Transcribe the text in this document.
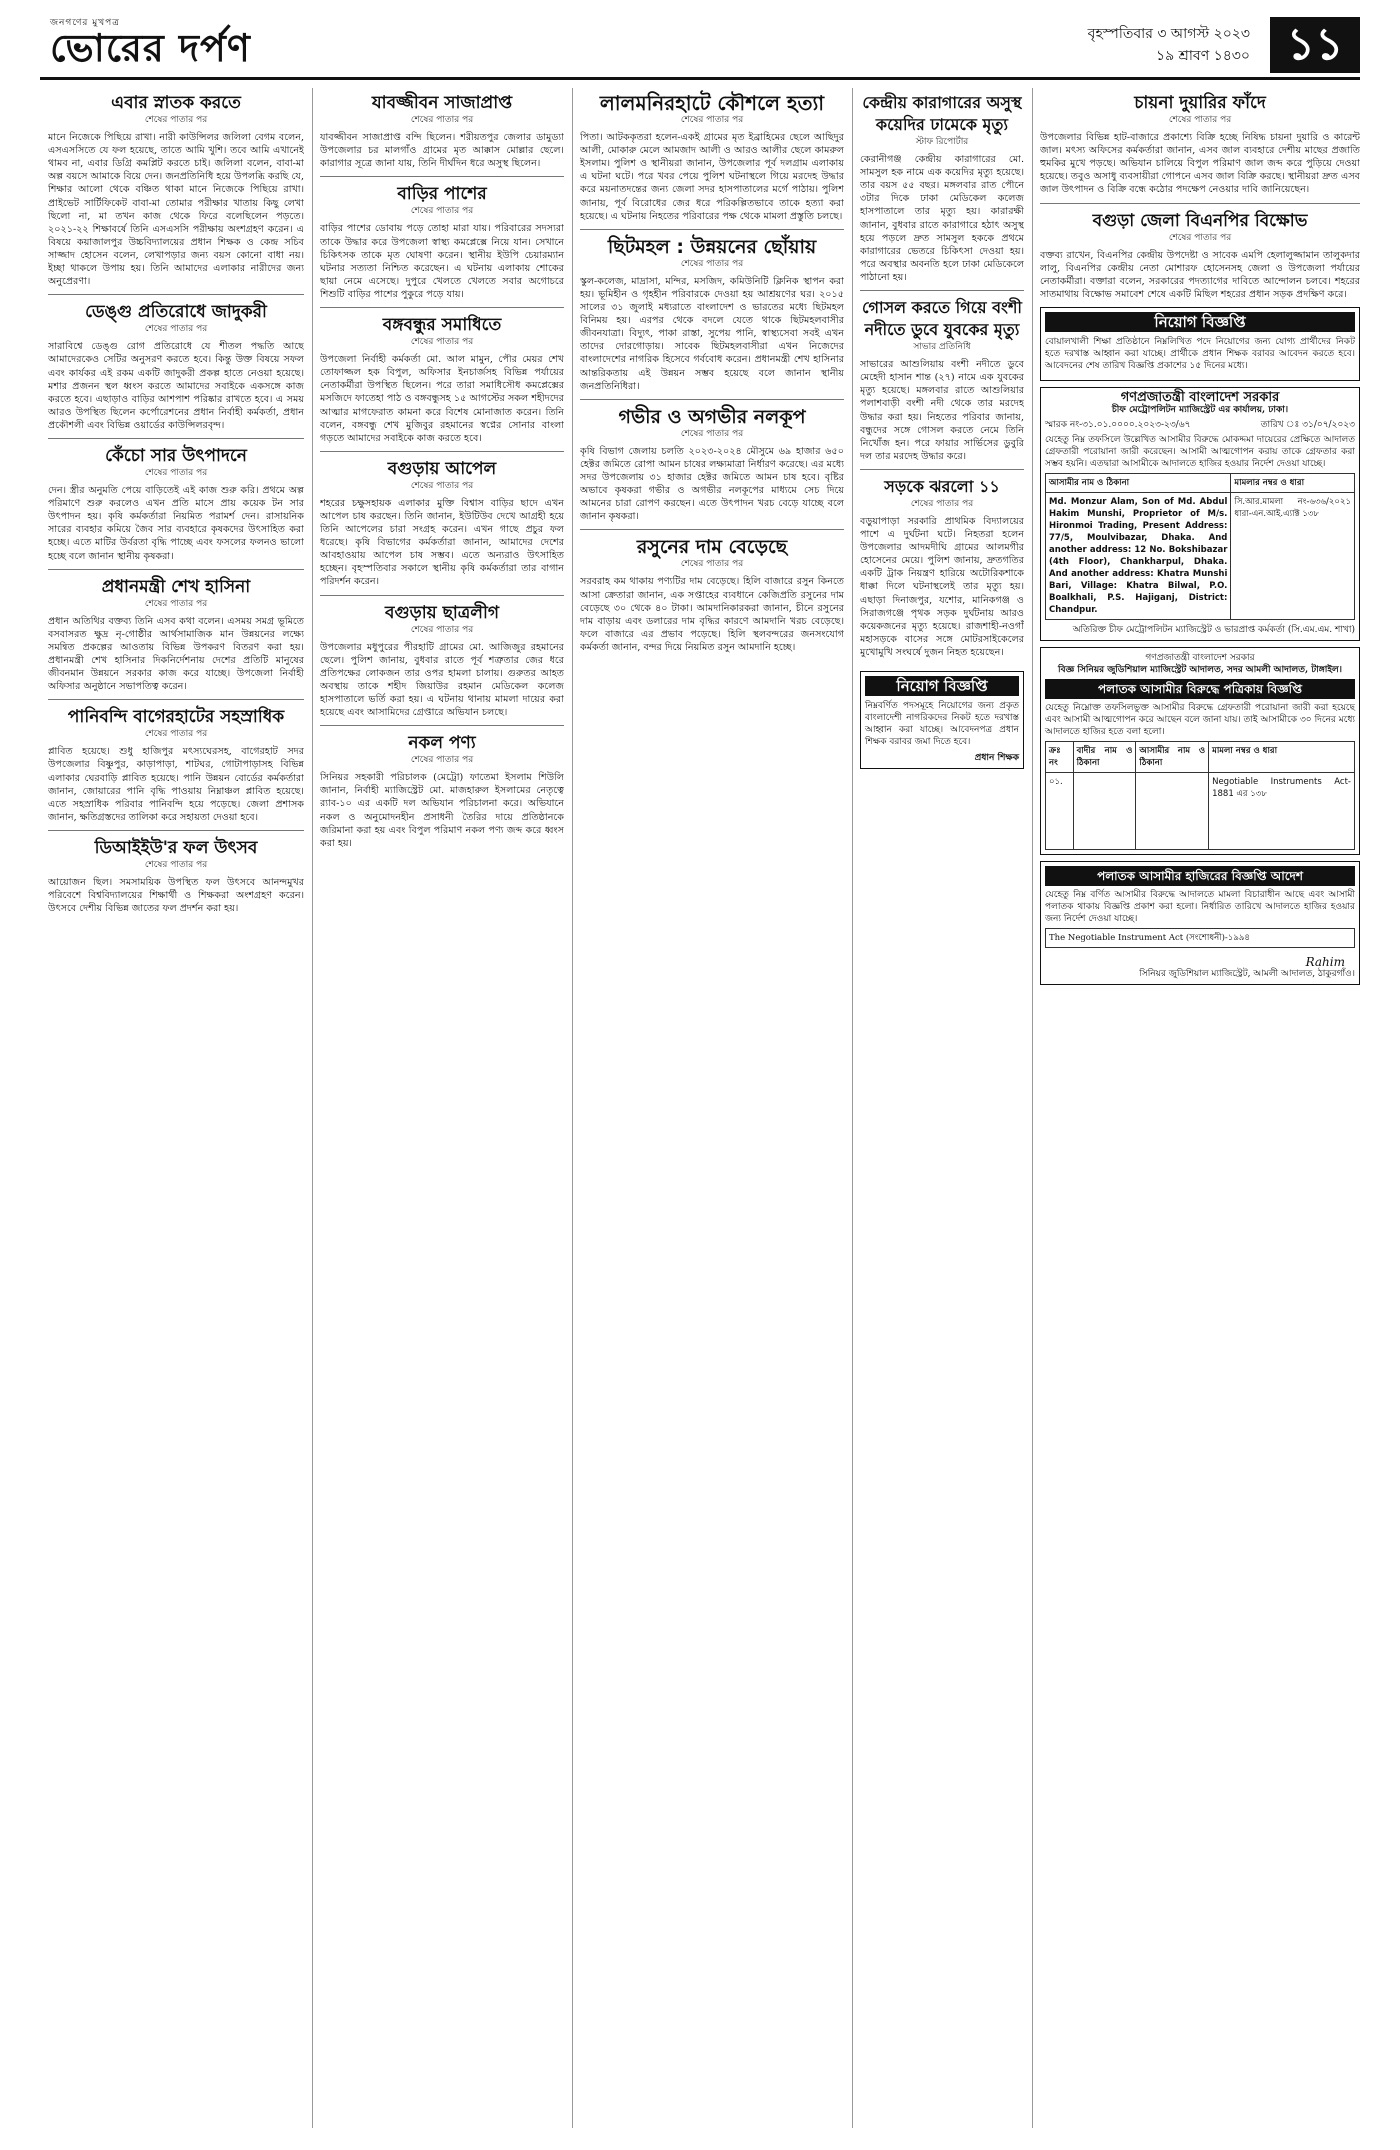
জনগণের মুখপত্র
ভোরের দর্পণ	বৃহস্পতিবার ৩ আগস্ট ২০২৩
১৯ শ্রাবণ ১৪৩০ ১১
এবার স্নাতক করতে
শেষের পাতার পর

মানে নিজেকে পিছিয়ে রাখা। নারী কাউন্সিলর জলিলা বেগম বলেন, এসএসসিতে যে ফল হয়েছে, তাতে আমি খুশি। তবে আমি এখানেই থামব না, এবার ডিগ্রি কমপ্লিট করতে চাই। জলিলা বলেন, বাবা-মা অল্প বয়সে আমাকে বিয়ে দেন। জনপ্রতিনিধি হয়ে উপলব্ধি করছি যে, শিক্ষার আলো থেকে বঞ্চিত থাকা মানে নিজেকে পিছিয়ে রাখা। প্রাইভেট সার্টিফিকেট বাবা-মা তোমার পরীক্ষার খাতায় কিছু লেখা ছিলো না, মা তখন কাজ থেকে ফিরে বলেছিলেন পড়তে। ২০২১-২২ শিক্ষাবর্ষে তিনি এসএসসি পরীক্ষায় অংশগ্রহণ করেন। এ বিষয়ে কয়াজালপুর উচ্চবিদ্যালয়ের প্রধান শিক্ষক ও কেন্দ্র সচিব সাজ্জাদ হোসেন বলেন, লেখাপড়ার জন্য বয়স কোনো বাধা নয়। ইচ্ছা থাকলে উপায় হয়। তিনি আমাদের এলাকার নারীদের জন্য অনুপ্রেরণা।

ডেঙ্গু প্রতিরোধে জাদুকরী
শেষের পাতার পর

সারাবিশ্বে ডেঙ্গু রোগ প্রতিরোধে যে শীতল পদ্ধতি আছে আমাদেরকেও সেটির অনুসরণ করতে হবে। কিন্তু উক্ত বিষয়ে সফল এবং কার্যকর এই রকম একটি জাদুকরী প্রকল্প হাতে নেওয়া হয়েছে। মশার প্রজনন স্থল ধ্বংস করতে আমাদের সবাইকে একসঙ্গে কাজ করতে হবে। এছাড়াও বাড়ির আশপাশ পরিষ্কার রাখতে হবে। এ সময় আরও উপস্থিত ছিলেন কর্পোরেশনের প্রধান নির্বাহী কর্মকর্তা, প্রধান প্রকৌশলী এবং বিভিন্ন ওয়ার্ডের কাউন্সিলরবৃন্দ।

কেঁচো সার উৎপাদনে
শেষের পাতার পর

দেন। স্ত্রীর অনুমতি পেয়ে বাড়িতেই এই কাজ শুরু করি। প্রথমে অল্প পরিমাণে শুরু করলেও এখন প্রতি মাসে প্রায় কয়েক টন সার উৎপাদন হয়। কৃষি কর্মকর্তারা নিয়মিত পরামর্শ দেন। রাসায়নিক সারের ব্যবহার কমিয়ে জৈব সার ব্যবহারে কৃষকদের উৎসাহিত করা হচ্ছে। এতে মাটির উর্বরতা বৃদ্ধি পাচ্ছে এবং ফসলের ফলনও ভালো হচ্ছে বলে জানান স্থানীয় কৃষকরা।

প্রধানমন্ত্রী শেখ হাসিনা
শেষের পাতার পর

প্রধান অতিথির বক্তব্য তিনি এসব কথা বলেন। এসময় সমগ্র ভূমিতে বসবাসরত ক্ষুদ্র নৃ-গোষ্ঠীর আর্থসামাজিক মান উন্নয়নের লক্ষ্যে সমন্বিত প্রকল্পের আওতায় বিভিন্ন উপকরণ বিতরণ করা হয়। প্রধানমন্ত্রী শেখ হাসিনার দিকনির্দেশনায় দেশের প্রতিটি মানুষের জীবনমান উন্নয়নে সরকার কাজ করে যাচ্ছে। উপজেলা নির্বাহী অফিসার অনুষ্ঠানে সভাপতিত্ব করেন।

পানিবন্দি বাগেরহাটের সহস্রাধিক
শেষের পাতার পর

প্লাবিত হয়েছে। শুধু হাজিপুর মৎস্যঘেরসহ, বাগেরহাট সদর উপজেলার বিষ্ণুপুর, কাড়াপাড়া, শাটঘর, গোটাপাড়াসহ বিভিন্ন এলাকার ঘেরবাড়ি প্লাবিত হয়েছে। পানি উন্নয়ন বোর্ডের কর্মকর্তারা জানান, জোয়ারের পানি বৃদ্ধি পাওয়ায় নিম্নাঞ্চল প্লাবিত হয়েছে। এতে সহস্রাধিক পরিবার পানিবন্দি হয়ে পড়েছে। জেলা প্রশাসক জানান, ক্ষতিগ্রস্তদের তালিকা করে সহায়তা দেওয়া হবে।

ডিআইইউ'র ফল উৎসব
শেষের পাতার পর

আয়োজন ছিল। সমসাময়িক উপস্থিত ফল উৎসবে আনন্দমুখর পরিবেশে বিশ্ববিদ্যালয়ের শিক্ষার্থী ও শিক্ষকরা অংশগ্রহণ করেন। উৎসবে দেশীয় বিভিন্ন জাতের ফল প্রদর্শন করা হয়।

যাবজ্জীবন সাজাপ্রাপ্ত
শেষের পাতার পর

যাবজ্জীবন সাজাপ্রাপ্ত বন্দি ছিলেন। শরীয়তপুর জেলার ডামুড্যা উপজেলার চর মালগাঁও গ্রামের মৃত আক্কাস মোল্লার ছেলে। কারাগার সূত্রে জানা যায়, তিনি দীর্ঘদিন ধরে অসুস্থ ছিলেন।

বাড়ির পাশের
শেষের পাতার পর

বাড়ির পাশের ডোবায় পড়ে তোহা মারা যায়। পরিবারের সদস্যরা তাকে উদ্ধার করে উপজেলা স্বাস্থ্য কমপ্লেক্সে নিয়ে যান। সেখানে চিকিৎসক তাকে মৃত ঘোষণা করেন। স্থানীয় ইউপি চেয়ারম্যান ঘটনার সত্যতা নিশ্চিত করেছেন। এ ঘটনায় এলাকায় শোকের ছায়া নেমে এসেছে। দুপুরে খেলতে খেলতে সবার অগোচরে শিশুটি বাড়ির পাশের পুকুরে পড়ে যায়।

বঙ্গবন্ধুর সমাধিতে
শেষের পাতার পর

উপজেলা নির্বাহী কর্মকর্তা মো. আল মামুন, পৌর মেয়র শেখ তোফাজ্জল হক বিপুল, অফিসার ইনচার্জসহ বিভিন্ন পর্যায়ের নেতাকর্মীরা উপস্থিত ছিলেন। পরে তারা সমাধিসৌধ কমপ্লেক্সের মসজিদে ফাতেহা পাঠ ও বঙ্গবন্ধুসহ ১৫ আগস্টের সকল শহীদদের আত্মার মাগফেরাত কামনা করে বিশেষ মোনাজাত করেন। তিনি বলেন, বঙ্গবন্ধু শেখ মুজিবুর রহমানের স্বপ্নের সোনার বাংলা গড়তে আমাদের সবাইকে কাজ করতে হবে।

বগুড়ায় আপেল
শেষের পাতার পর

শহরের চক্ষুসহায়ক এলাকার মুক্তি বিশ্বাস বাড়ির ছাদে এখন আপেল চাষ করছেন। তিনি জানান, ইউটিউব দেখে আগ্রহী হয়ে তিনি আপেলের চারা সংগ্রহ করেন। এখন গাছে প্রচুর ফল ধরেছে। কৃষি বিভাগের কর্মকর্তারা জানান, আমাদের দেশের আবহাওয়ায় আপেল চাষ সম্ভব। এতে অন্যরাও উৎসাহিত হচ্ছেন। বৃহস্পতিবার সকালে স্থানীয় কৃষি কর্মকর্তারা তার বাগান পরিদর্শন করেন।

বগুড়ায় ছাত্রলীগ
শেষের পাতার পর

উপজেলার মধুপুরের পীরহাটি গ্রামের মো. আজিজুর রহমানের ছেলে। পুলিশ জানায়, বুধবার রাতে পূর্ব শত্রুতার জের ধরে প্রতিপক্ষের লোকজন তার ওপর হামলা চালায়। গুরুতর আহত অবস্থায় তাকে শহীদ জিয়াউর রহমান মেডিকেল কলেজ হাসপাতালে ভর্তি করা হয়। এ ঘটনায় থানায় মামলা দায়ের করা হয়েছে এবং আসামিদের গ্রেপ্তারে অভিযান চলছে।

নকল পণ্য
শেষের পাতার পর

সিনিয়র সহকারী পরিচালক (মেট্রো) ফাতেমা ইসলাম শিউলি জানান, নির্বাহী ম্যাজিস্ট্রেট মো. মাজহারুল ইসলামের নেতৃত্বে র‍্যাব-১০ এর একটি দল অভিযান পরিচালনা করে। অভিযানে নকল ও অনুমোদনহীন প্রসাধনী তৈরির দায়ে প্রতিষ্ঠানকে জরিমানা করা হয় এবং বিপুল পরিমাণ নকল পণ্য জব্দ করে ধ্বংস করা হয়।

লালমনিরহাটে কৌশলে হত্যা
শেষের পাতার পর

পিতা। আটককৃতরা হলেন-একই গ্রামের মৃত ইব্রাহিমের ছেলে আছিদুর আলী, মোকারু মেলে আমজাদ আলী ও আরও আলীর ছেলে কামরুল ইসলাম। পুলিশ ও স্থানীয়রা জানান, উপজেলার পূর্ব দলগ্রাম এলাকায় এ ঘটনা ঘটে। পরে খবর পেয়ে পুলিশ ঘটনাস্থলে গিয়ে মরদেহ উদ্ধার করে ময়নাতদন্তের জন্য জেলা সদর হাসপাতালের মর্গে পাঠায়। পুলিশ জানায়, পূর্ব বিরোধের জের ধরে পরিকল্পিতভাবে তাকে হত্যা করা হয়েছে। এ ঘটনায় নিহতের পরিবারের পক্ষ থেকে মামলা প্রস্তুতি চলছে।

ছিটমহল : উন্নয়নের ছোঁয়ায়
শেষের পাতার পর

স্কুল-কলেজ, মাদ্রাসা, মন্দির, মসজিদ, কমিউনিটি ক্লিনিক স্থাপন করা হয়। ভূমিহীন ও গৃহহীন পরিবারকে দেওয়া হয় আশ্রয়ণের ঘর। ২০১৫ সালের ৩১ জুলাই মধ্যরাতে বাংলাদেশ ও ভারতের মধ্যে ছিটমহল বিনিময় হয়। এরপর থেকে বদলে যেতে থাকে ছিটমহলবাসীর জীবনযাত্রা। বিদ্যুৎ, পাকা রাস্তা, সুপেয় পানি, স্বাস্থ্যসেবা সবই এখন তাদের দোরগোড়ায়। সাবেক ছিটমহলবাসীরা এখন নিজেদের বাংলাদেশের নাগরিক হিসেবে গর্ববোধ করেন। প্রধানমন্ত্রী শেখ হাসিনার আন্তরিকতায় এই উন্নয়ন সম্ভব হয়েছে বলে জানান স্থানীয় জনপ্রতিনিধিরা।

গভীর ও অগভীর নলকূপ
শেষের পাতার পর

কৃষি বিভাগ জেলায় চলতি ২০২৩-২০২৪ মৌসুমে ৬৯ হাজার ৬৫০ হেক্টর জমিতে রোপা আমন চাষের লক্ষ্যমাত্রা নির্ধারণ করেছে। এর মধ্যে সদর উপজেলায় ৩১ হাজার হেক্টর জমিতে আমন চাষ হবে। বৃষ্টির অভাবে কৃষকরা গভীর ও অগভীর নলকূপের মাধ্যমে সেচ দিয়ে আমনের চারা রোপণ করছেন। এতে উৎপাদন খরচ বেড়ে যাচ্ছে বলে জানান কৃষকরা।

রসুনের দাম বেড়েছে
শেষের পাতার পর

সরবরাহ কম থাকায় পণ্যটির দাম বেড়েছে। হিলি বাজারে রসুন কিনতে আসা ক্রেতারা জানান, এক সপ্তাহের ব্যবধানে কেজিপ্রতি রসুনের দাম বেড়েছে ৩০ থেকে ৪০ টাকা। আমদানিকারকরা জানান, চীনে রসুনের দাম বাড়ায় এবং ডলারের দাম বৃদ্ধির কারণে আমদানি খরচ বেড়েছে। ফলে বাজারে এর প্রভাব পড়েছে। হিলি স্থলবন্দরের জনসংযোগ কর্মকর্তা জানান, বন্দর দিয়ে নিয়মিত রসুন আমদানি হচ্ছে।

কেন্দ্রীয় কারাগারের অসুস্থ কয়েদির ঢামেকে মৃত্যু
স্টাফ রিপোর্টার

কেরানীগঞ্জ কেন্দ্রীয় কারাগারের মো. সামসুল হক নামে এক কয়েদির মৃত্যু হয়েছে। তার বয়স ৫৫ বছর। মঙ্গলবার রাত পৌনে ৩টার দিকে ঢাকা মেডিকেল কলেজ হাসপাতালে তার মৃত্যু হয়। কারারক্ষী জানান, বুধবার রাতে কারাগারে হঠাৎ অসুস্থ হয়ে পড়লে দ্রুত সামসুল হককে প্রথমে কারাগারের ভেতরে চিকিৎসা দেওয়া হয়। পরে অবস্থার অবনতি হলে ঢাকা মেডিকেলে পাঠানো হয়।

গোসল করতে গিয়ে বংশী নদীতে ডুবে যুবকের মৃত্যু
সাভার প্রতিনিধি

সাভারের আশুলিয়ায় বংশী নদীতে ডুবে মেহেদী হাসান শান্ত (২৭) নামে এক যুবকের মৃত্যু হয়েছে। মঙ্গলবার রাতে আশুলিয়ার পলাশবাড়ী বংশী নদী থেকে তার মরদেহ উদ্ধার করা হয়। নিহতের পরিবার জানায়, বন্ধুদের সঙ্গে গোসল করতে নেমে তিনি নিখোঁজ হন। পরে ফায়ার সার্ভিসের ডুবুরি দল তার মরদেহ উদ্ধার করে।

সড়কে ঝরলো ১১
শেষের পাতার পর

বড়ুয়াপাড়া সরকারি প্রাথমিক বিদ্যালয়ের পাশে এ দুর্ঘটনা ঘটে। নিহতরা হলেন উপজেলার আদমদীঘি গ্রামের আলমগীর হোসেনের মেয়ে। পুলিশ জানায়, দ্রুতগতির একটি ট্রাক নিয়ন্ত্রণ হারিয়ে অটোরিকশাকে ধাক্কা দিলে ঘটনাস্থলেই তার মৃত্যু হয়। এছাড়া দিনাজপুর, যশোর, মানিকগঞ্জ ও সিরাজগঞ্জে পৃথক সড়ক দুর্ঘটনায় আরও কয়েকজনের মৃত্যু হয়েছে। রাজশাহী-নওগাঁ মহাসড়কে বাসের সঙ্গে মোটরসাইকেলের মুখোমুখি সংঘর্ষে দুজন নিহত হয়েছেন।

নিয়োগ বিজ্ঞপ্তি

নিম্নবর্ণিত পদসমূহে নিয়োগের জন্য প্রকৃত বাংলাদেশী নাগরিকদের নিকট হতে দরখাস্ত আহ্বান করা যাচ্ছে। আবেদনপত্র প্রধান শিক্ষক বরাবর জমা দিতে হবে।

প্রধান শিক্ষক
চায়না দুয়ারির ফাঁদে
শেষের পাতার পর

উপজেলার বিভিন্ন হাট-বাজারে প্রকাশ্যে বিক্রি হচ্ছে নিষিদ্ধ চায়না দুয়ারি ও কারেন্ট জাল। মৎস্য অফিসের কর্মকর্তারা জানান, এসব জাল ব্যবহারে দেশীয় মাছের প্রজাতি হুমকির মুখে পড়ছে। অভিযান চালিয়ে বিপুল পরিমাণ জাল জব্দ করে পুড়িয়ে দেওয়া হয়েছে। তবুও অসাধু ব্যবসায়ীরা গোপনে এসব জাল বিক্রি করছে। স্থানীয়রা দ্রুত এসব জাল উৎপাদন ও বিক্রি বন্ধে কঠোর পদক্ষেপ নেওয়ার দাবি জানিয়েছেন।

বগুড়া জেলা বিএনপির বিক্ষোভ
শেষের পাতার পর

বক্তব্য রাখেন, বিএনপির কেন্দ্রীয় উপদেষ্টা ও সাবেক এমপি হেলালুজ্জামান তালুকদার লালু, বিএনপির কেন্দ্রীয় নেতা মোশারফ হোসেনসহ জেলা ও উপজেলা পর্যায়ের নেতাকর্মীরা। বক্তারা বলেন, সরকারের পদত্যাগের দাবিতে আন্দোলন চলবে। শহরের সাতমাথায় বিক্ষোভ সমাবেশ শেষে একটি মিছিল শহরের প্রধান সড়ক প্রদক্ষিণ করে।

নিয়োগ বিজ্ঞপ্তি

বোয়ালখালী শিক্ষা প্রতিষ্ঠানে নিম্নলিখিত পদে নিয়োগের জন্য যোগ্য প্রার্থীদের নিকট হতে দরখাস্ত আহ্বান করা যাচ্ছে। প্রার্থীকে প্রধান শিক্ষক বরাবর আবেদন করতে হবে। আবেদনের শেষ তারিখ বিজ্ঞপ্তি প্রকাশের ১৫ দিনের মধ্যে।

গণপ্রজাতন্ত্রী বাংলাদেশ সরকার
চীফ মেট্রোপলিটন ম্যাজিস্ট্রেট এর কার্যালয়, ঢাকা।
স্মারক নং-৩১.০১.০০০০.২০২৩-২৩/৬৭	তারিখ ঃ ৩১/০৭/২০২৩

যেহেতু নিম্ন তফসিলে উল্লেখিত আসামীর বিরুদ্ধে মোকদ্দমা দায়েরের প্রেক্ষিতে আদালত গ্রেফতারী পরোয়ানা জারী করেছেন। আসামী আত্মগোপন করায় তাকে গ্রেফতার করা সম্ভব হয়নি। এতদ্বারা আসামীকে আদালতে হাজির হওয়ার নির্দেশ দেওয়া যাচ্ছে।

আসামীর নাম ও ঠিকানা	মামলার নম্বর ও ধারা
Md. Monzur Alam, Son of Md. Abdul Hakim Munshi, Proprietor of M/s. Hironmoi Trading, Present Address: 77/5, Moulvibazar, Dhaka. And another address: 12 No. Bokshibazar (4th Floor), Chankharpul, Dhaka. And another address: Khatra Munshi Bari, Village: Khatra Bilwal, P.O. Boalkhali, P.S. Hajiganj, District: Chandpur.	সি.আর.মামলা নং-৬৩৬/২০২১ ধারা-এন.আই.এ্যাক্ট ১৩৮
অতিরিক্ত চীফ মেট্রোপলিটন ম্যাজিস্ট্রেট ও ভারপ্রাপ্ত কর্মকর্তা (সি.এম.এম. শাখা)
গণপ্রজাতন্ত্রী বাংলাদেশ সরকার
বিজ্ঞ সিনিয়র জুডিশিয়াল ম্যাজিস্ট্রেট আদালত, সদর আমলী আদালত, টাঙ্গাইল।
পলাতক আসামীর বিরুদ্ধে পত্রিকায় বিজ্ঞপ্তি

যেহেতু নিম্নোক্ত তফসিলভুক্ত আসামীর বিরুদ্ধে গ্রেফতারী পরোয়ানা জারী করা হয়েছে এবং আসামী আত্মগোপন করে আছেন বলে জানা যায়। তাই আসামীকে ৩০ দিনের মধ্যে আদালতে হাজির হতে বলা হলো।

ক্রঃ নং	বাদীর নাম ও ঠিকানা	আসামীর নাম ও ঠিকানা	মামলা নম্বর ও ধারা
০১.			Negotiable Instruments Act-1881 এর ১৩৮
পলাতক আসামীর হাজিরের বিজ্ঞপ্তি আদেশ

যেহেতু নিম্ন বর্ণিত আসামীর বিরুদ্ধে আদালতে মামলা বিচারাধীন আছে এবং আসামী পলাতক থাকায় বিজ্ঞপ্তি প্রকাশ করা হলো। নির্ধারিত তারিখে আদালতে হাজির হওয়ার জন্য নির্দেশ দেওয়া যাচ্ছে।

The Negotiable Instrument Act (সংশোধনী)-১৯৯৪
Rahim
সিনিয়র জুডিশিয়াল ম্যাজিস্ট্রেট, আমলী আদালত, ঠাকুরগাঁও।
